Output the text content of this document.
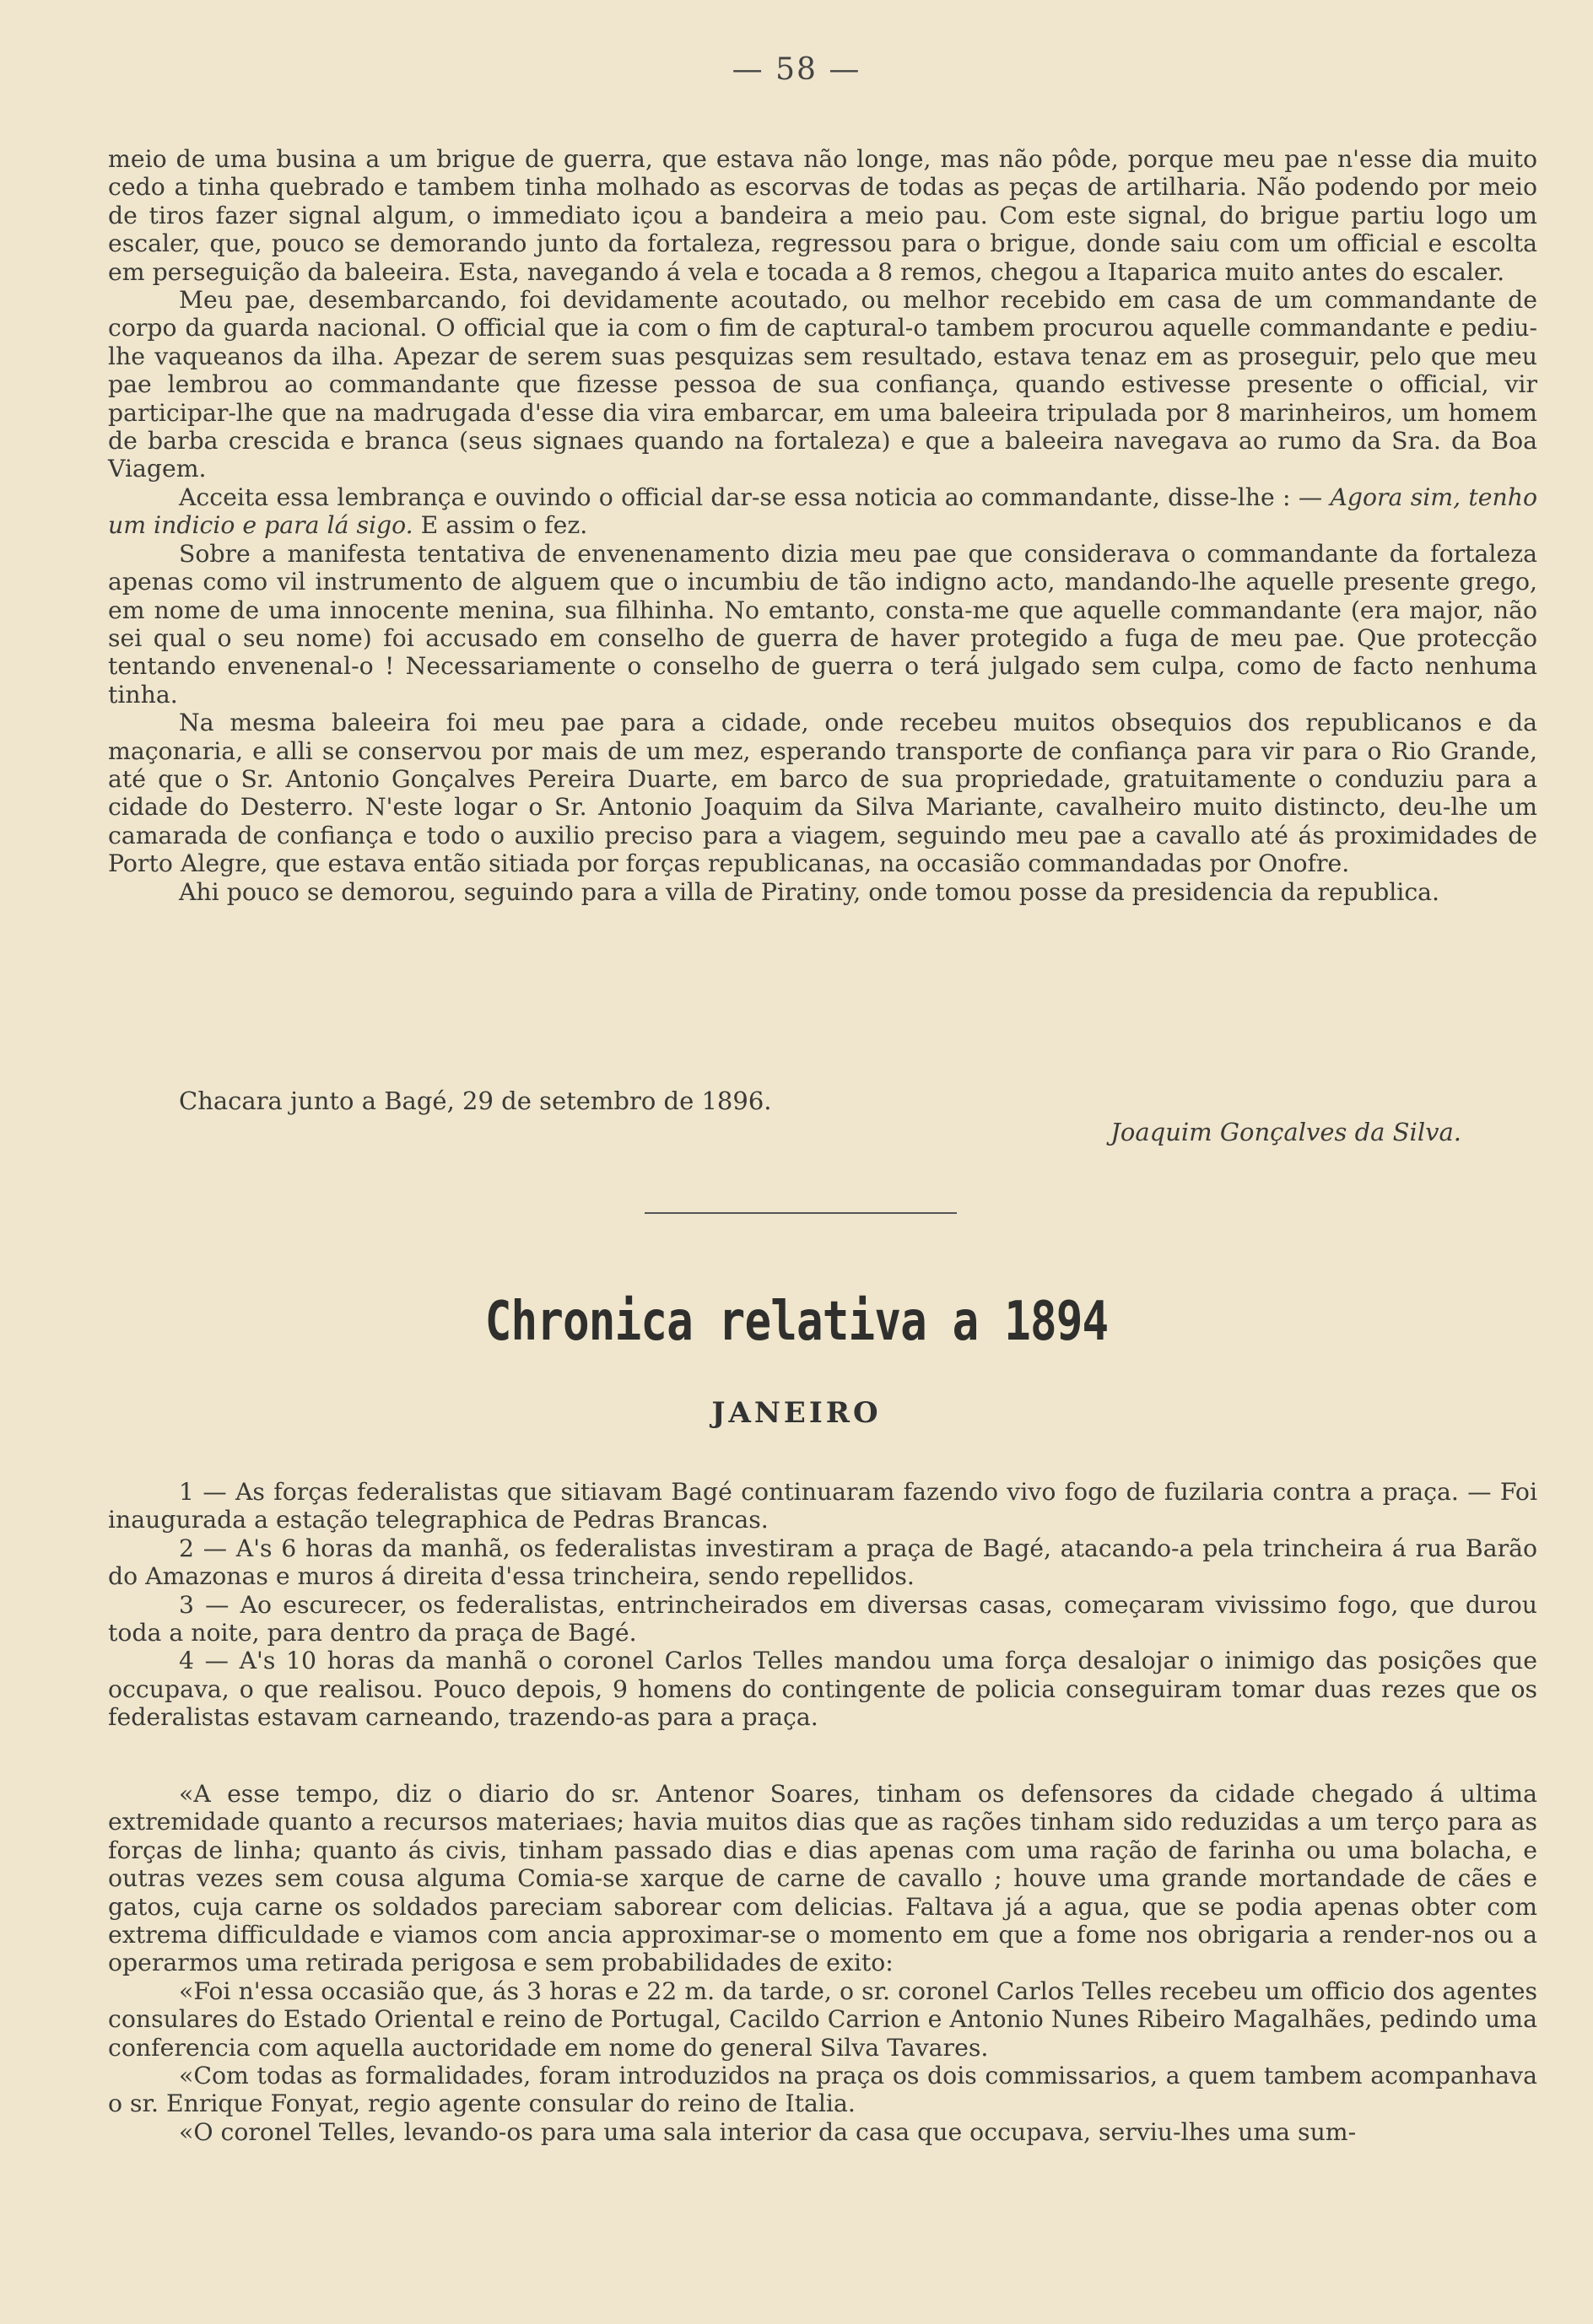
— 58 —

meio de uma busina a um brigue de guerra, que estava não longe, mas não pôde, porque meu pae n'esse dia muito cedo a tinha quebrado e tambem tinha molhado as escorvas de todas as peças de artilharia. Não podendo por meio de tiros fazer signal algum, o immediato içou a bandeira a meio pau. Com este signal, do brigue partiu logo um escaler, que, pouco se demorando junto da fortaleza, regressou para o brigue, donde saiu com um official e escolta em perseguição da baleeira. Esta, navegando á vela e tocada a 8 remos, chegou a Itaparica muito antes do escaler.

Meu pae, desembarcando, foi devidamente acoutado, ou melhor recebido em casa de um commandante de corpo da guarda nacional. O official que ia com o fim de captural-o tambem procurou aquelle commandante e pediu-lhe vaqueanos da ilha. Apezar de serem suas pesquizas sem resultado, estava tenaz em as proseguir, pelo que meu pae lembrou ao commandante que fizesse pessoa de sua confiança, quando estivesse presente o official, vir participar-lhe que na madrugada d'esse dia vira embarcar, em uma baleeira tripulada por 8 marinheiros, um homem de barba crescida e branca (seus signaes quando na fortaleza) e que a baleeira navegava ao rumo da Sra. da Boa Viagem.

Acceita essa lembrança e ouvindo o official dar-se essa noticia ao commandante, disse-lhe : — Agora sim, tenho um indicio e para lá sigo. E assim o fez.

Sobre a manifesta tentativa de envenenamento dizia meu pae que considerava o commandante da fortaleza apenas como vil instrumento de alguem que o incumbiu de tão indigno acto, mandando-lhe aquelle presente grego, em nome de uma innocente menina, sua filhinha. No emtanto, consta-me que aquelle commandante (era major, não sei qual o seu nome) foi accusado em conselho de guerra de haver protegido a fuga de meu pae. Que protecção tentando envenenal-o ! Necessariamente o conselho de guerra o terá julgado sem culpa, como de facto nenhuma tinha.

Na mesma baleeira foi meu pae para a cidade, onde recebeu muitos obsequios dos republicanos e da maçonaria, e alli se conservou por mais de um mez, esperando transporte de confiança para vir para o Rio Grande, até que o Sr. Antonio Gonçalves Pereira Duarte, em barco de sua propriedade, gratuitamente o conduziu para a cidade do Desterro. N'este logar o Sr. Antonio Joaquim da Silva Mariante, cavalheiro muito distincto, deu-lhe um camarada de confiança e todo o auxilio preciso para a viagem, seguindo meu pae a cavallo até ás proximidades de Porto Alegre, que estava então sitiada por forças republicanas, na occasião commandadas por Onofre.

Ahi pouco se demorou, seguindo para a villa de Piratiny, onde tomou posse da presidencia da republica.

Chacara junto a Bagé, 29 de setembro de 1896.
Joaquim Gonçalves da Silva.
Chronica relativa a 1894
JANEIRO

1 — As forças federalistas que sitiavam Bagé continuaram fazendo vivo fogo de fuzilaria contra a praça. — Foi inaugurada a estação telegraphica de Pedras Brancas.

2 — A's 6 horas da manhã, os federalistas investiram a praça de Bagé, atacando-a pela trincheira á rua Barão do Amazonas e muros á direita d'essa trincheira, sendo repellidos.

3 — Ao escurecer, os federalistas, entrincheirados em diversas casas, começaram vivissimo fogo, que durou toda a noite, para dentro da praça de Bagé.

4 — A's 10 horas da manhã o coronel Carlos Telles mandou uma força desalojar o inimigo das posições que occupava, o que realisou. Pouco depois, 9 homens do contingente de policia conseguiram tomar duas rezes que os federalistas estavam carneando, trazendo-as para a praça.

«A esse tempo, diz o diario do sr. Antenor Soares, tinham os defensores da cidade chegado á ultima extremidade quanto a recursos materiaes; havia muitos dias que as rações tinham sido reduzidas a um terço para as forças de linha; quanto ás civis, tinham passado dias e dias apenas com uma ração de farinha ou uma bolacha, e outras vezes sem cousa alguma Comia-se xarque de carne de cavallo ; houve uma grande mortandade de cães e gatos, cuja carne os soldados pareciam saborear com delicias. Faltava já a agua, que se podia apenas obter com extrema difficuldade e viamos com ancia approximar-se o momento em que a fome nos obrigaria a render-nos ou a operarmos uma retirada perigosa e sem probabilidades de exito:

«Foi n'essa occasião que, ás 3 horas e 22 m. da tarde, o sr. coronel Carlos Telles recebeu um officio dos agentes consulares do Estado Oriental e reino de Portugal, Cacildo Carrion e Antonio Nunes Ribeiro Magalhães, pedindo uma conferencia com aquella auctoridade em nome do general Silva Tavares.

«Com todas as formalidades, foram introduzidos na praça os dois commissarios, a quem tambem acompanhava o sr. Enrique Fonyat, regio agente consular do reino de Italia.

«O coronel Telles, levando-os para uma sala interior da casa que occupava, serviu-lhes uma sum-
